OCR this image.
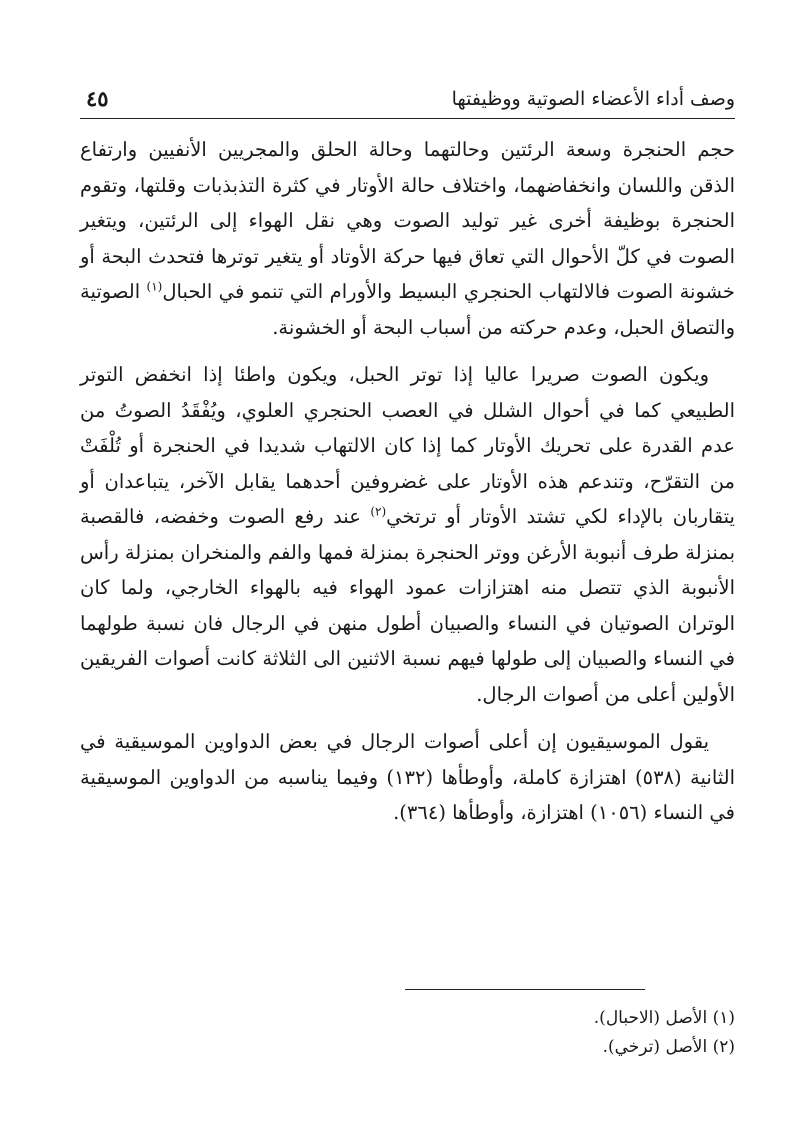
وصف أداء الأعضاء الصوتية ووظيفتها
٤٥

حجم الحنجرة وسعة الرئتين وحالتهما وحالة الحلق والمجريين الأنفيين وارتفاع الذقن واللسان وانخفاضهما، واختلاف حالة الأوتار في كثرة التذبذبات وقلتها، وتقوم الحنجرة بوظيفة أخرى غير توليد الصوت وهي نقل الهواء إلى الرئتين، ويتغير الصوت في كلّ الأحوال التي تعاق فيها حركة الأوتاد أو يتغير توترها فتحدث البحة أو خشونة الصوت فالالتهاب الحنجري البسيط والأورام التي تنمو في الحبال$^{(١)}$ الصوتية والتصاق الحبل، وعدم حركته من أسباب البحة أو الخشونة.

ويكون الصوت صريرا عاليا إذا توتر الحبل، ويكون واطئا إذا انخفض التوتر الطبيعي كما في أحوال الشلل في العصب الحنجري العلوي، ويُفْقَدُ الصوتُ من عدم القدرة على تحريك الأوتار كما إذا كان الالتهاب شديدا في الحنجرة أو تُلْفَتْ من التقرّح، وتندعم هذه الأوتار على غضروفين أحدهما يقابل الآخر، يتباعدان أو يتقاربان بالإداء لكي تشتد الأوتار أو ترتخي$^{(٢)}$ عند رفع الصوت وخفضه، فالقصبة بمنزلة طرف أنبوبة الأرغن ووتر الحنجرة بمنزلة فمها والفم والمنخران بمنزلة رأس الأنبوبة الذي تتصل منه اهتزازات عمود الهواء فيه بالهواء الخارجي، ولما كان الوتران الصوتيان في النساء والصبيان أطول منهن في الرجال فان نسبة طولهما في النساء والصبيان إلى طولها فيهم نسبة الاثنين الى الثلاثة كانت أصوات الفريقين الأولين أعلى من أصوات الرجال.

يقول الموسيقيون إن أعلى أصوات الرجال في بعض الدواوين الموسيقية في الثانية (٥٣٨) اهتزازة كاملة، وأوطأها (١٣٢) وفيما يناسبه من الدواوين الموسيقية في النساء (١٠٥٦) اهتزازة، وأوطأها (٣٦٤).

(١) الأصل (الاحبال).

(٢) الأصل (ترخي).
